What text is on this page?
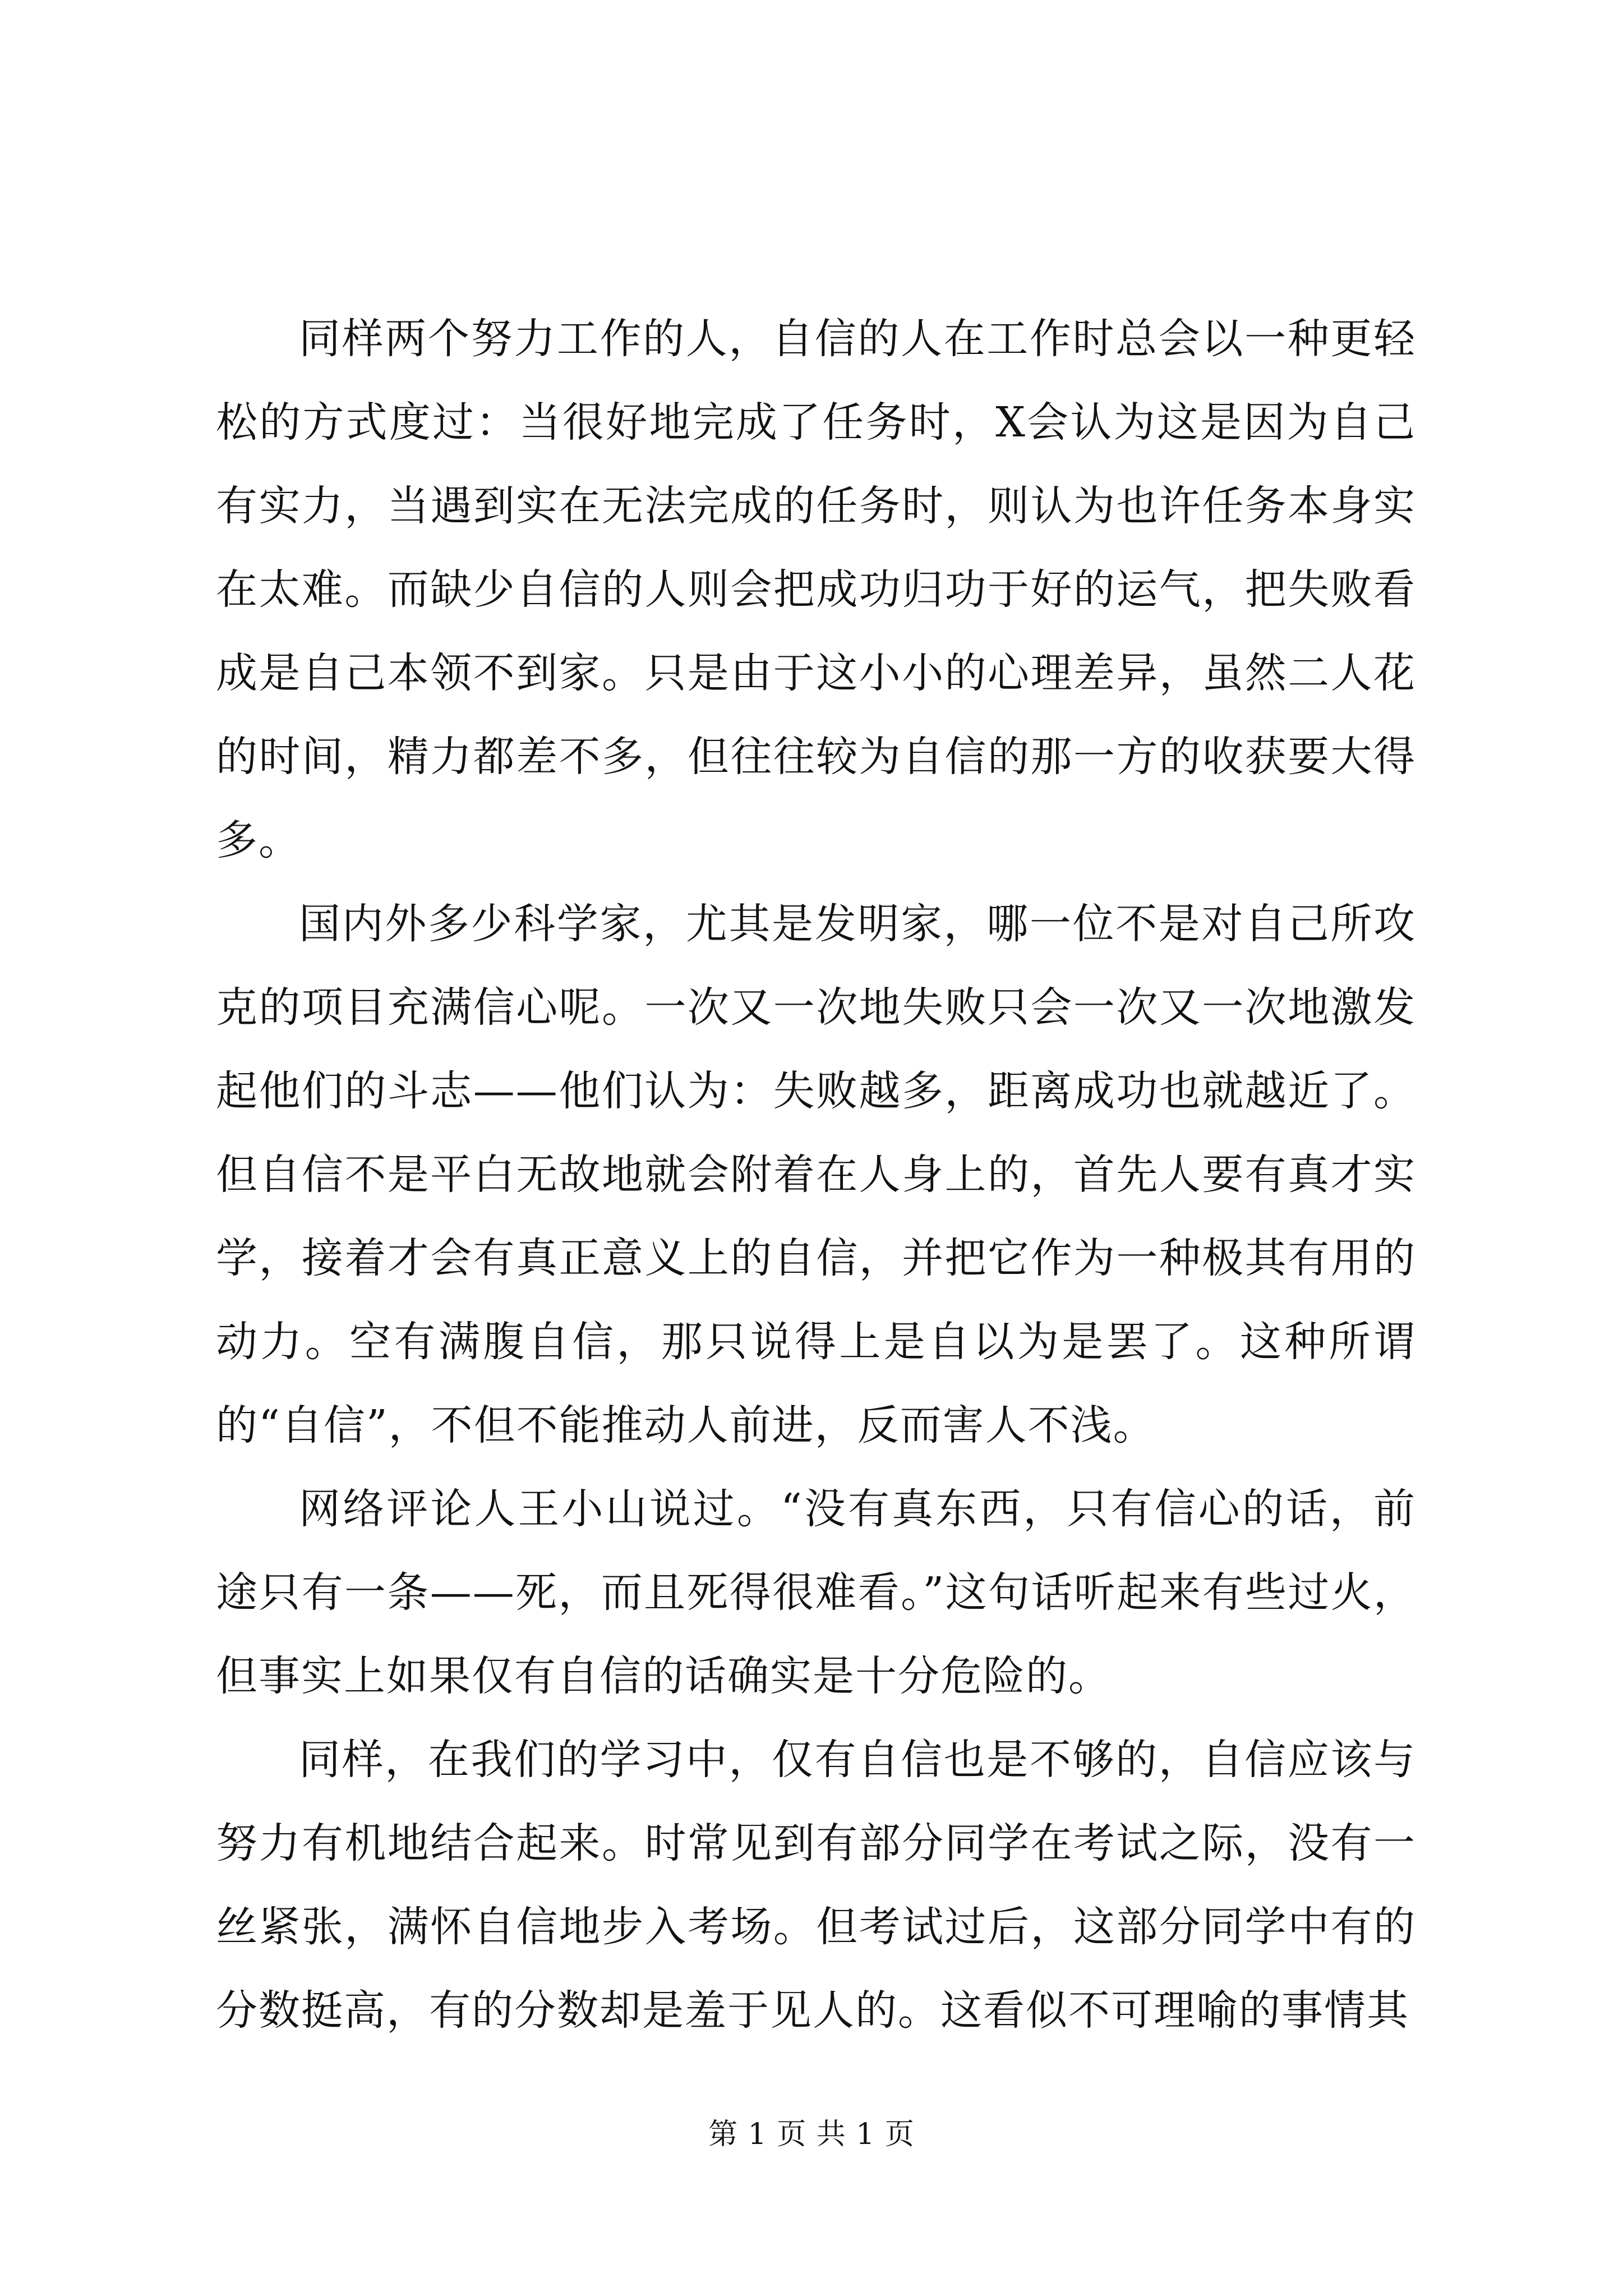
同样两个努力工作的人，自信的人在工作时总会以一种更轻松的方式度过：当很好地完成了任务时，X会认为这是因为自己有实力，当遇到实在无法完成的任务时，则认为也许任务本身实在太难。而缺少自信的人则会把成功归功于好的运气，把失败看成是自己本领不到家。只是由于这小小的心理差异，虽然二人花的时间，精力都差不多，但往往较为自信的那一方的收获要大得多。

国内外多少科学家，尤其是发明家，哪一位不是对自己所攻克的项目充满信心呢。一次又一次地失败只会一次又一次地激发起他们的斗志——他们认为：失败越多，距离成功也就越近了。但自信不是平白无故地就会附着在人身上的，首先人要有真才实学，接着才会有真正意义上的自信，并把它作为一种极其有用的动力。空有满腹自信，那只说得上是自以为是罢了。这种所谓的“自信”，不但不能推动人前进，反而害人不浅。

网络评论人王小山说过。“没有真东西，只有信心的话，前途只有一条——死，而且死得很难看。”这句话听起来有些过火，但事实上如果仅有自信的话确实是十分危险的。

同样，在我们的学习中，仅有自信也是不够的，自信应该与努力有机地结合起来。时常见到有部分同学在考试之际，没有一丝紧张，满怀自信地步入考场。但考试过后，这部分同学中有的分数挺高，有的分数却是羞于见人的。这看似不可理喻的事情其

第 1 页 共 1 页
